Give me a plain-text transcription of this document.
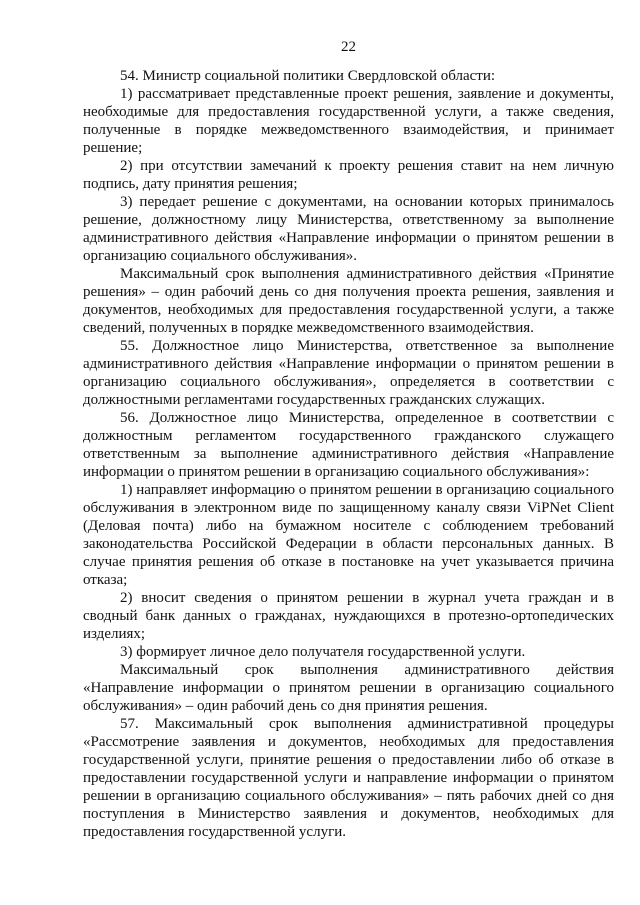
22

54. Министр социальной политики Свердловской области:

1) рассматривает представленные проект решения, заявление и документы, необходимые для предоставления государственной услуги, а также сведения, полученные в порядке межведомственного взаимодействия, и принимает решение;

2) при отсутствии замечаний к проекту решения ставит на нем личную подпись, дату принятия решения;

3) передает решение с документами, на основании которых принималось решение, должностному лицу Министерства, ответственному за выполнение административного действия «Направление информации о принятом решении в организацию социального обслуживания».

Максимальный срок выполнения административного действия «Принятие решения» – один рабочий день со дня получения проекта решения, заявления и документов, необходимых для предоставления государственной услуги, а также сведений, полученных в порядке межведомственного взаимодействия.

55. Должностное лицо Министерства, ответственное за выполнение административного действия «Направление информации о принятом решении в организацию социального обслуживания», определяется в соответствии с должностными регламентами государственных гражданских служащих.

56. Должностное лицо Министерства, определенное в соответствии с должностным регламентом государственного гражданского служащего ответственным за выполнение административного действия «Направление информации о принятом решении в организацию социального обслуживания»:

1) направляет информацию о принятом решении в организацию социального обслуживания в электронном виде по защищенному каналу связи ViPNet Client (Деловая почта) либо на бумажном носителе с соблюдением требований законодательства Российской Федерации в области персональных данных. В случае принятия решения об отказе в постановке на учет указывается причина отказа;

2) вносит сведения о принятом решении в журнал учета граждан и в сводный банк данных о гражданах, нуждающихся в протезно-ортопедических изделиях;

3) формирует личное дело получателя государственной услуги.

Максимальный срок выполнения административного действия «Направление информации о принятом решении в организацию социального обслуживания» – один рабочий день со дня принятия решения.

57. Максимальный срок выполнения административной процедуры «Рассмотрение заявления и документов, необходимых для предоставления государственной услуги, принятие решения о предоставлении либо об отказе в предоставлении государственной услуги и направление информации о принятом решении в организацию социального обслуживания» – пять рабочих дней со дня поступления в Министерство заявления и документов, необходимых для предоставления государственной услуги.
